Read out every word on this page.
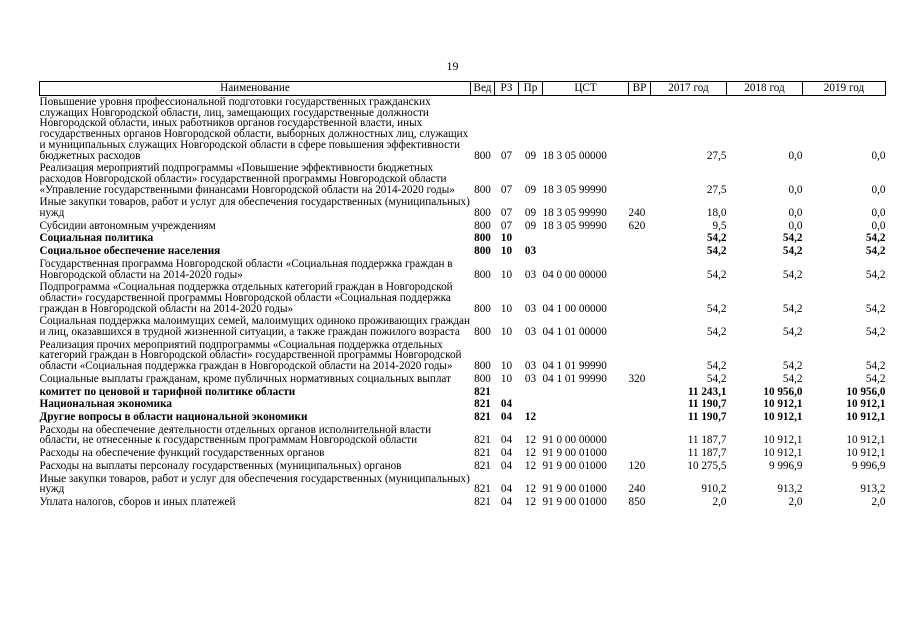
19
Наименование	Вед	РЗ	Пр	ЦСТ	ВР	2017 год	2018 год	2019 год
Повышение уровня профессиональной подготовки государственных гражданских служащих Новгородской области, лиц, замещающих государственные должности Новгородской области, иных работников органов государственной власти, иных государственных органов Новгородской области, выборных должностных лиц, служащих и муниципальных служащих Новгородской области в сфере повышения эффективности бюджетных расходов	800	07	09	18 3 05 00000		27,5	0,0	0,0
Реализация мероприятий подпрограммы «Повышение эффективности бюджетных расходов Новгородской области» государственной программы Новгородской области «Управление государственными финансами Новгородской области на 2014-2020 годы»	800	07	09	18 3 05 99990		27,5	0,0	0,0
Иные закупки товаров, работ и услуг для обеспечения государственных (муниципальных) нужд	800	07	09	18 3 05 99990	240	18,0	0,0	0,0
Субсидии автономным учреждениям	800	07	09	18 3 05 99990	620	9,5	0,0	0,0
Социальная политика	800	10				54,2	54,2	54,2
Социальное обеспечение населения	800	10	03			54,2	54,2	54,2
Государственная программа Новгородской области «Социальная поддержка граждан в Новгородской области на 2014-2020 годы»	800	10	03	04 0 00 00000		54,2	54,2	54,2
Подпрограмма «Социальная поддержка отдельных категорий граждан в Новгородской области» государственной программы Новгородской области «Социальная поддержка граждан в Новгородской области на 2014-2020 годы»	800	10	03	04 1 00 00000		54,2	54,2	54,2
Социальная поддержка малоимущих семей, малоимущих одиноко проживающих граждан и лиц, оказавшихся в трудной жизненной ситуации, а также граждан пожилого возраста	800	10	03	04 1 01 00000		54,2	54,2	54,2
Реализация прочих мероприятий подпрограммы «Социальная поддержка отдельных категорий граждан в Новгородской области» государственной программы Новгородской области «Социальная поддержка граждан в Новгородской области на 2014-2020 годы»	800	10	03	04 1 01 99990		54,2	54,2	54,2
Социальные выплаты гражданам, кроме публичных нормативных социальных выплат	800	10	03	04 1 01 99990	320	54,2	54,2	54,2
комитет по ценовой и тарифной политике области	821					11 243,1	10 956,0	10 956,0
Национальная экономика	821	04				11 190,7	10 912,1	10 912,1
Другие вопросы в области национальной экономики	821	04	12			11 190,7	10 912,1	10 912,1
Расходы на обеспечение деятельности отдельных органов исполнительной власти области, не отнесенные к государственным программам Новгородской области	821	04	12	91 0 00 00000		11 187,7	10 912,1	10 912,1
Расходы на обеспечение функций государственных органов	821	04	12	91 9 00 01000		11 187,7	10 912,1	10 912,1
Расходы на выплаты персоналу государственных (муниципальных) органов	821	04	12	91 9 00 01000	120	10 275,5	9 996,9	9 996,9
Иные закупки товаров, работ и услуг для обеспечения государственных (муниципальных) нужд	821	04	12	91 9 00 01000	240	910,2	913,2	913,2
Уплата налогов, сборов и иных платежей	821	04	12	91 9 00 01000	850	2,0	2,0	2,0
